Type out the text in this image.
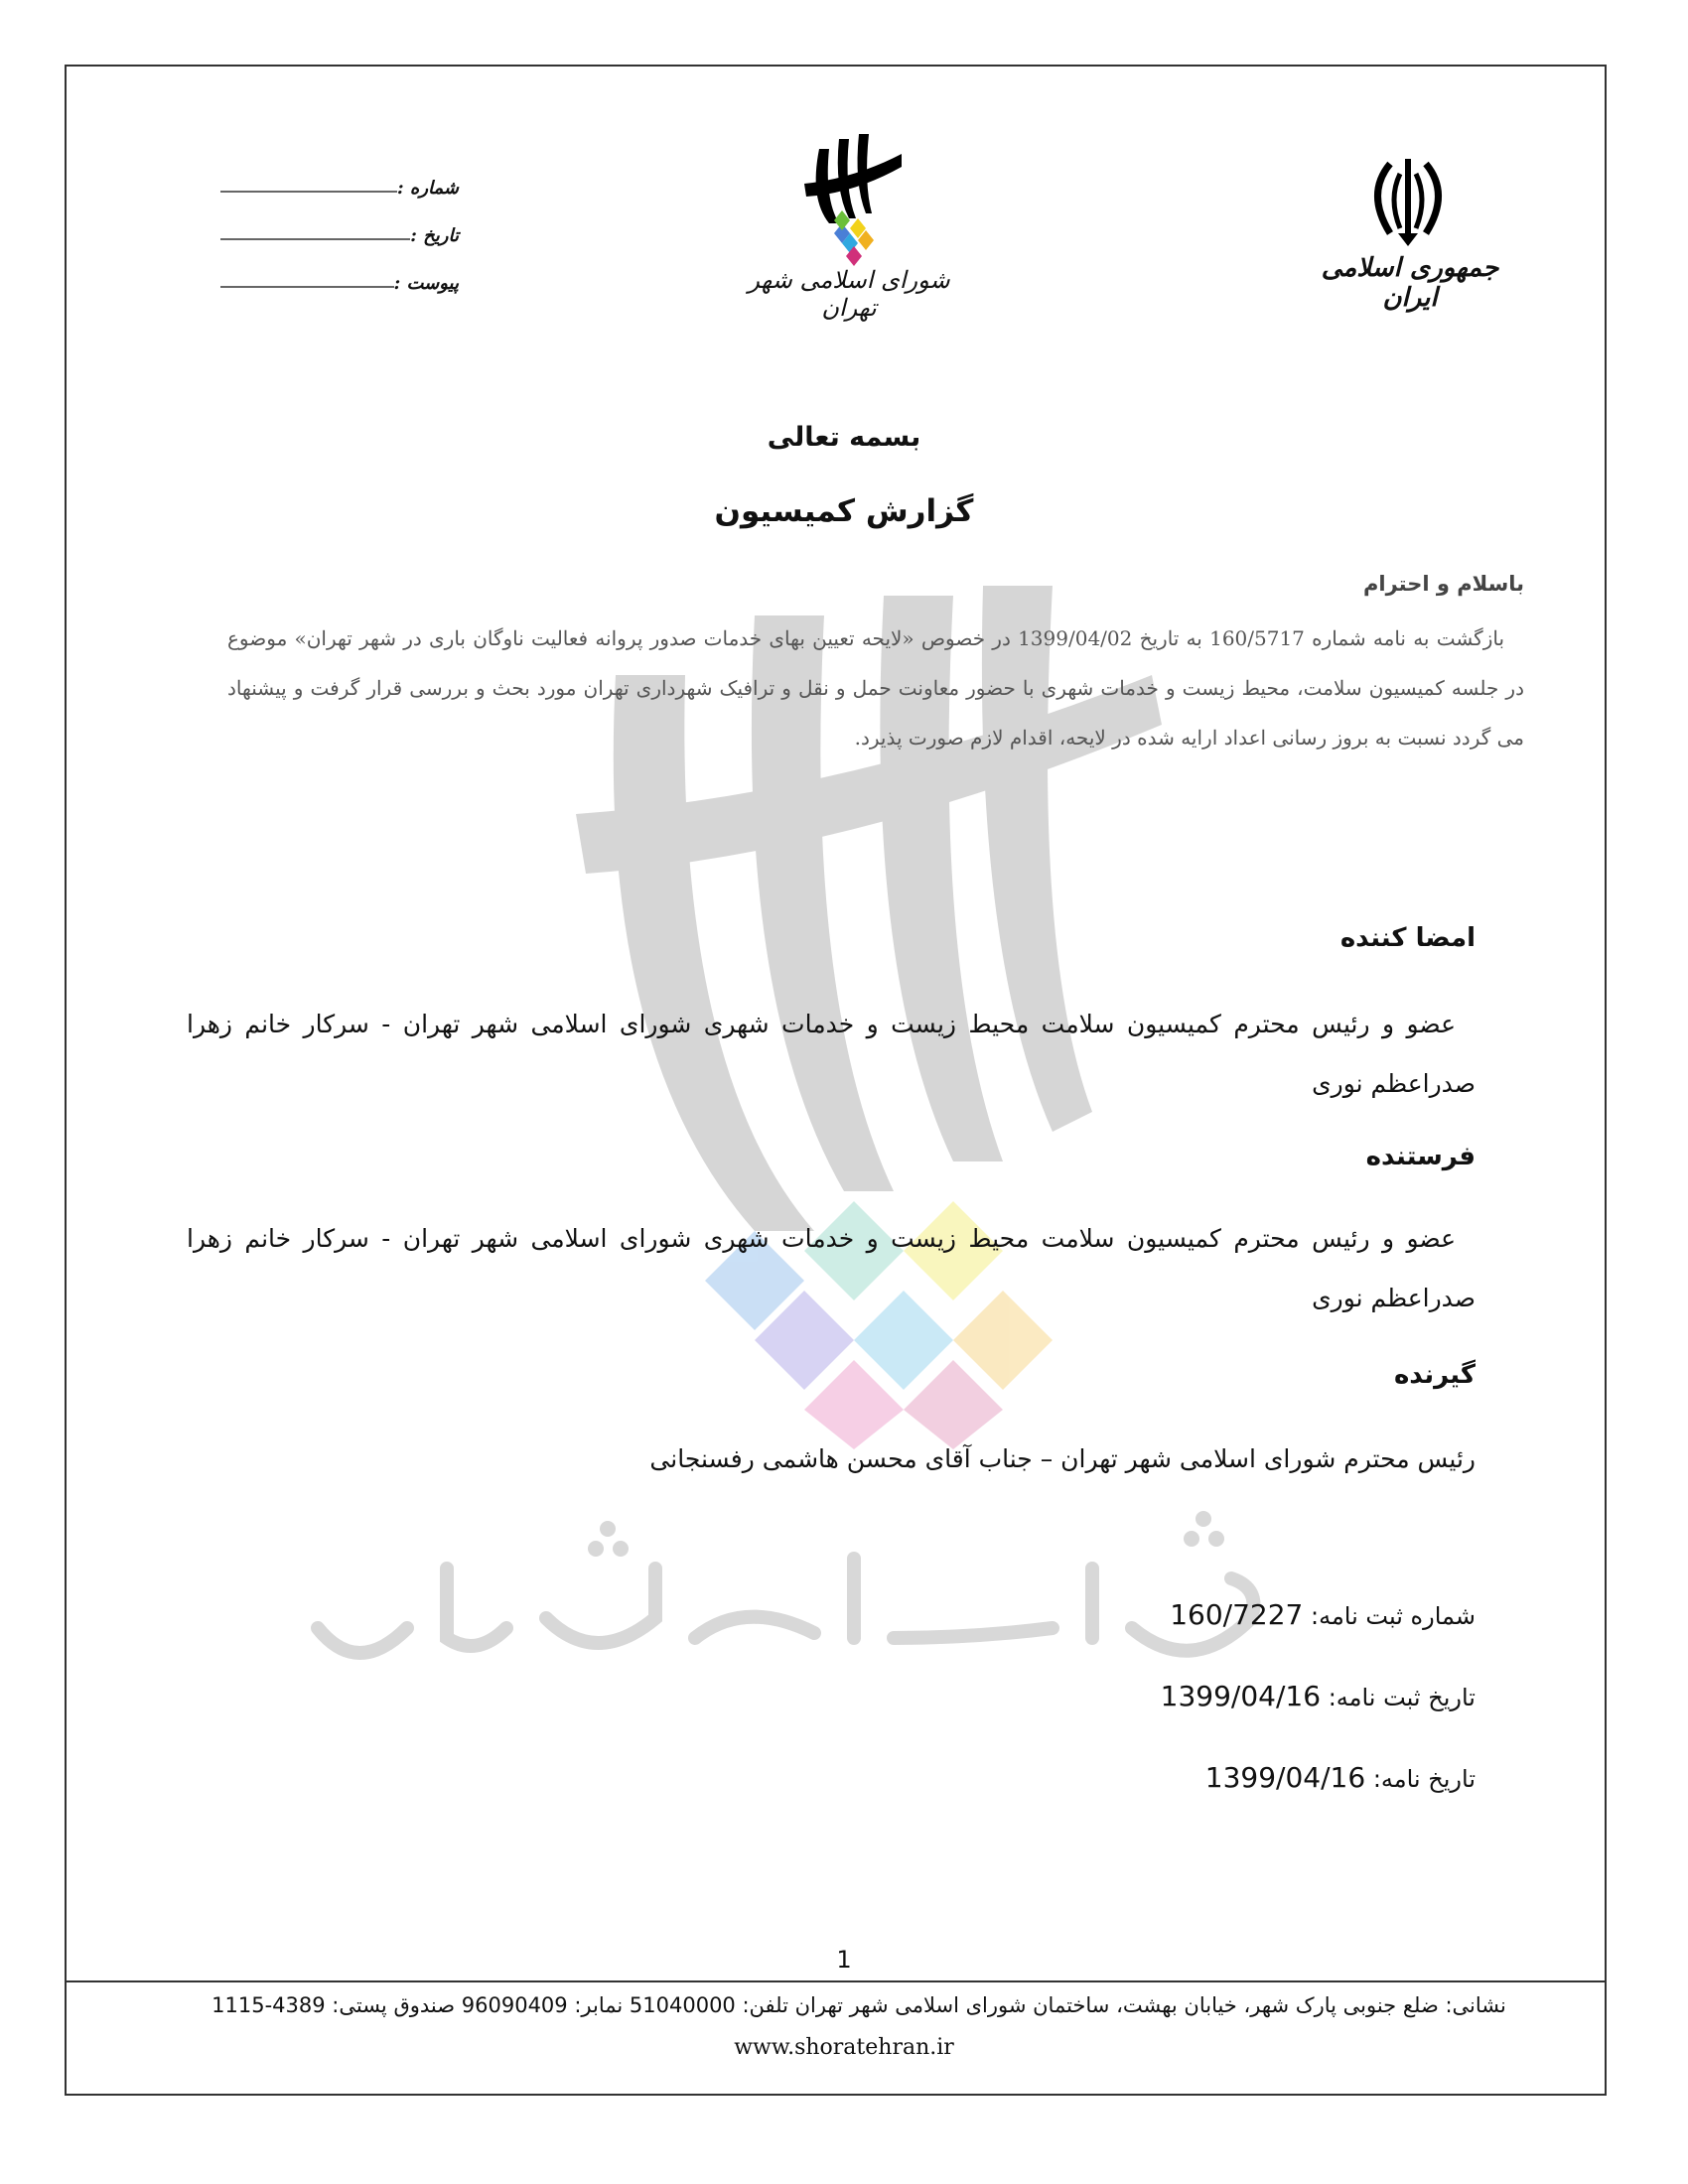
جمهوری اسلامی ایران
شورای اسلامی شهر تهران
شماره :
تاریخ :
پیوست :
بسمه تعالی
گزارش کمیسیون
باسلام و احترام
بازگشت به نامه شماره 160/5717 به تاریخ 1399/04/02 در خصوص «لایحه تعیین بهای خدمات صدور پروانه فعالیت ناوگان باری در شهر تهران» موضوع در جلسه کمیسیون سلامت، محیط زیست و خدمات شهری با حضور معاونت حمل و نقل و ترافیک شهرداری تهران مورد بحث و بررسی قرار گرفت و پیشنهاد می گردد نسبت به بروز رسانی اعداد ارایه شده در لایحه، اقدام لازم صورت پذیرد.
امضا کننده
عضو و رئیس محترم کمیسیون سلامت محیط زیست و خدمات شهری شورای اسلامی شهر تهران - سرکار خانم زهرا صدراعظم نوری
فرستنده
عضو و رئیس محترم کمیسیون سلامت محیط زیست و خدمات شهری شورای اسلامی شهر تهران - سرکار خانم زهرا صدراعظم نوری
گیرنده
رئیس محترم شورای اسلامی شهر تهران – جناب آقای محسن هاشمی رفسنجانی
شماره ثبت نامه: 160/7227
تاریخ ثبت نامه: 1399/04/16
تاریخ نامه: 1399/04/16
1
نشانی: ضلع جنوبی پارک شهر، خیابان بهشت، ساختمان شورای اسلامی شهر تهران تلفن: 51040000 نمابر: 96090409 صندوق پستی: 4389-1115
www.shoratehran.ir
